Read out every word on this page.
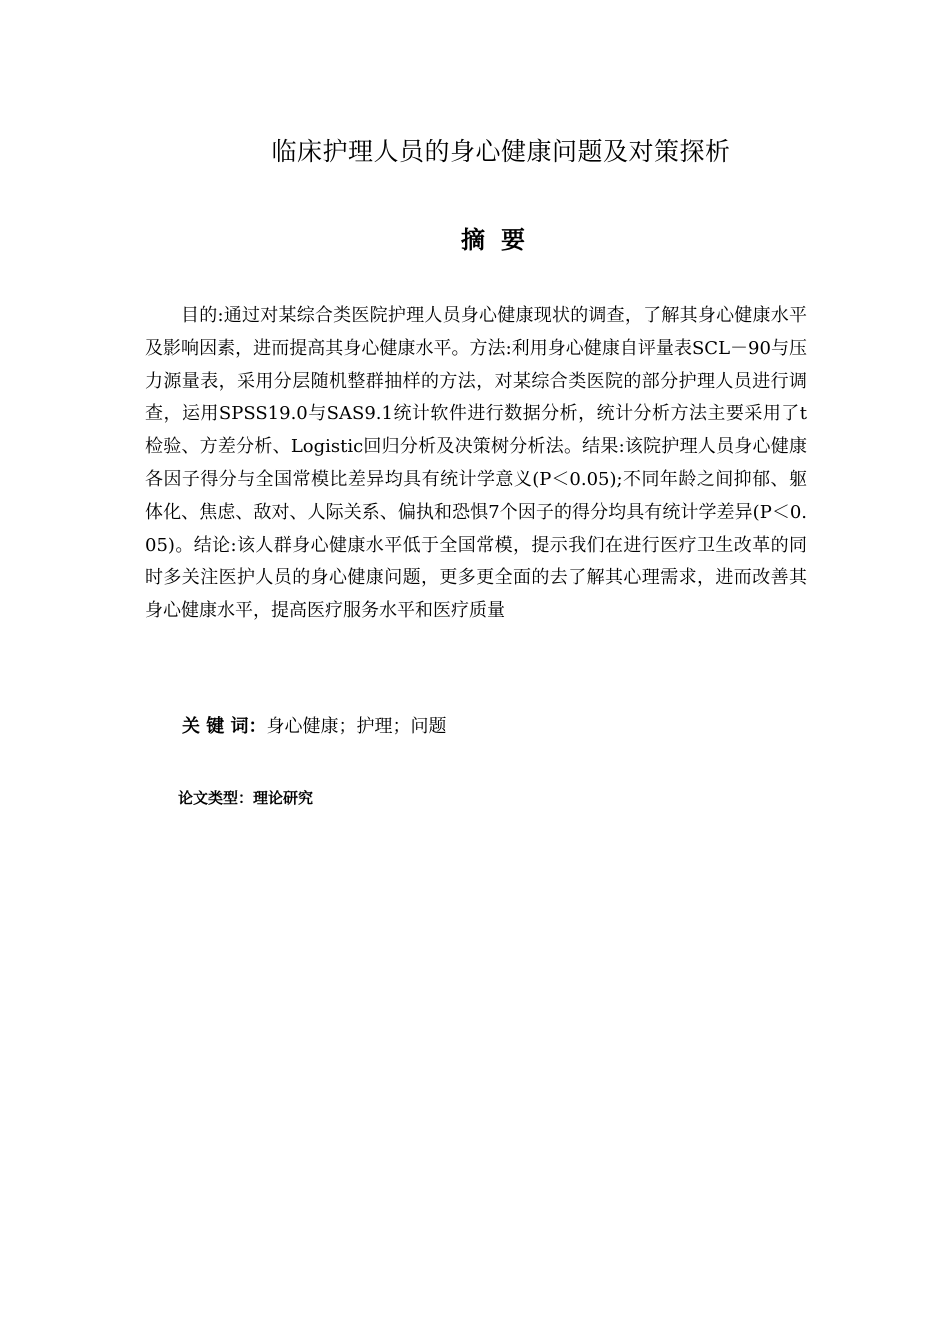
临床护理人员的身心健康问题及对策探析
摘要

目的:通过对某综合类医院护理人员身心健康现状的调查，了解其身心健康水平及影响因素，进而提高其身心健康水平。方法:利用身心健康自评量表SCL－90与压力源量表，采用分层随机整群抽样的方法，对某综合类医院的部分护理人员进行调查，运用SPSS19.0与SAS9.1统计软件进行数据分析，统计分析方法主要采用了t检验、方差分析、Logistic回归分析及决策树分析法。结果:该院护理人员身心健康各因子得分与全国常模比差异均具有统计学意义(P＜0.05);不同年龄之间抑郁、躯体化、焦虑、敌对、人际关系、偏执和恐惧7个因子的得分均具有统计学差异(P＜0.05)。结论:该人群身心健康水平低于全国常模，提示我们在进行医疗卫生改革的同时多关注医护人员的身心健康问题，更多更全面的去了解其心理需求，进而改善其身心健康水平，提高医疗服务水平和医疗质量

关 键 词：身心健康；护理；问题

论文类型：理论研究
